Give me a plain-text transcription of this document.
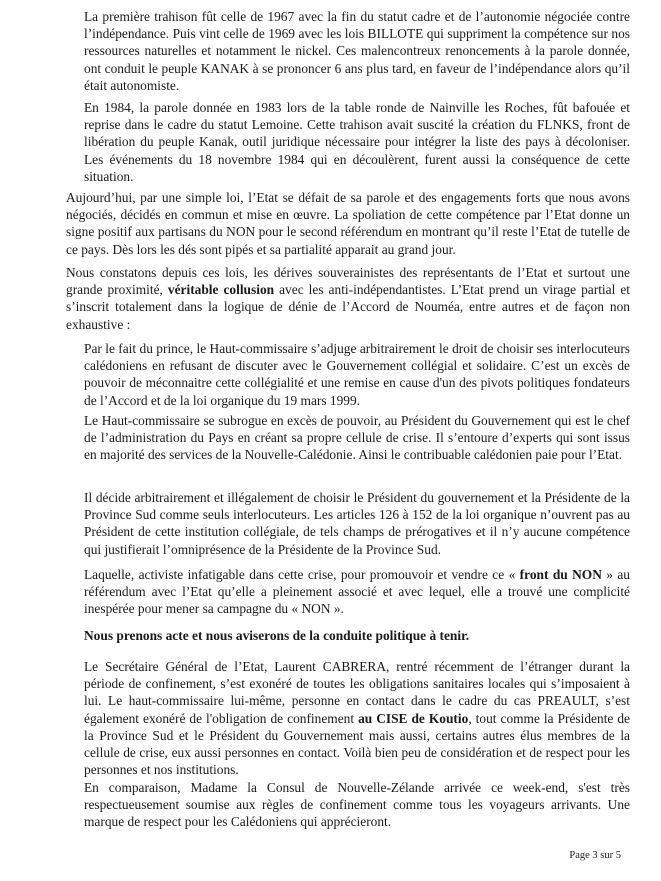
La première trahison fût celle de 1967 avec la fin du statut cadre et de l’autonomie négociée contre l’indépendance. Puis vint celle de 1969 avec les lois BILLOTE qui suppriment la compétence sur nos ressources naturelles et notamment le nickel. Ces malencontreux renoncements à la parole donnée, ont conduit le peuple KANAK à se prononcer 6 ans plus tard, en faveur de l’indépendance alors qu’il était autonomiste.

En 1984, la parole donnée en 1983 lors de la table ronde de Nainville les Roches, fût bafouée et reprise dans le cadre du statut Lemoine. Cette trahison avait suscité la création du FLNKS, front de libération du peuple Kanak, outil juridique nécessaire pour intégrer la liste des pays à décoloniser. Les événements du 18 novembre 1984 qui en découlèrent, furent aussi la conséquence de cette situation.

Aujourd’hui, par une simple loi, l’Etat se défait de sa parole et des engagements forts que nous avons négociés, décidés en commun et mise en œuvre. La spoliation de cette compétence par l’Etat donne un signe positif aux partisans du NON pour le second référendum en montrant qu’il reste l’Etat de tutelle de ce pays. Dès lors les dés sont pipés et sa partialité apparait au grand jour.

Nous constatons depuis ces lois, les dérives souverainistes des représentants de l’Etat et surtout une grande proximité, véritable collusion avec les anti-indépendantistes. L’Etat prend un virage partial et s’inscrit totalement dans la logique de dénie de l’Accord de Nouméa, entre autres et de façon non exhaustive :

Par le fait du prince, le Haut-commissaire s’adjuge arbitrairement le droit de choisir ses interlocuteurs calédoniens en refusant de discuter avec le Gouvernement collégial et solidaire. C’est un excès de pouvoir de méconnaitre cette collégialité et une remise en cause d'un des pivots politiques fondateurs de l’Accord et de la loi organique du 19 mars 1999.

Le Haut-commissaire se subrogue en excès de pouvoir, au Président du Gouvernement qui est le chef de l’administration du Pays en créant sa propre cellule de crise. Il s’entoure d’experts qui sont issus en majorité des services de la Nouvelle-Calédonie. Ainsi le contribuable calédonien paie pour l’Etat.

Il décide arbitrairement et illégalement de choisir le Président du gouvernement et la Présidente de la Province Sud comme seuls interlocuteurs. Les articles 126 à 152 de la loi organique n’ouvrent pas au Président de cette institution collégiale, de tels champs de prérogatives et il n’y aucune compétence qui justifierait l’omniprésence de la Présidente de la Province Sud.

Laquelle, activiste infatigable dans cette crise, pour promouvoir et vendre ce « front du NON » au référendum avec l’Etat qu’elle a pleinement associé et avec lequel, elle a trouvé une complicité inespérée pour mener sa campagne du « NON ».

Nous prenons acte et nous aviserons de la conduite politique à tenir.

Le Secrétaire Général de l’Etat, Laurent CABRERA, rentré récemment de l’étranger durant la période de confinement, s’est exonéré de toutes les obligations sanitaires locales qui s’imposaient à lui. Le haut-commissaire lui-même, personne en contact dans le cadre du cas PREAULT, s’est également exonéré de l'obligation de confinement au CISE de Koutio, tout comme la Présidente de la Province Sud et le Président du Gouvernement mais aussi, certains autres élus membres de la cellule de crise, eux aussi personnes en contact. Voilà bien peu de considération et de respect pour les personnes et nos institutions.

En comparaison, Madame la Consul de Nouvelle-Zélande arrivée ce week-end, s'est très respectueusement soumise aux règles de confinement comme tous les voyageurs arrivants. Une marque de respect pour les Calédoniens qui apprécieront.

Page 3 sur 5
